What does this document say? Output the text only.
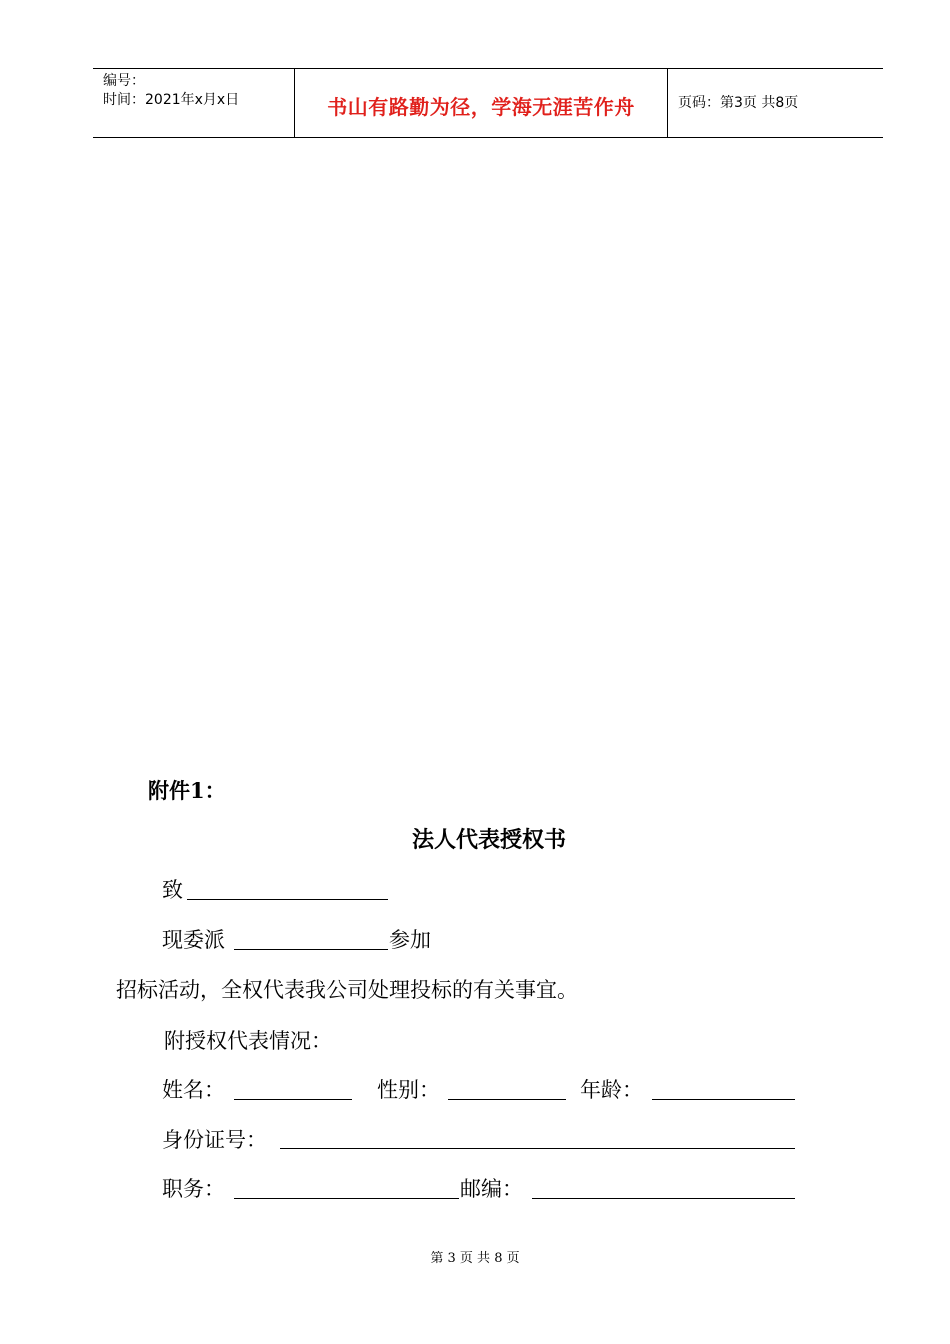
编号：
时间：2021年x月x日	书山有路勤为径，学海无涯苦作舟	页码：第3页 共8页
附件1：
法人代表授权书
致
现委派	参加
招标活动，全权代表我公司处理投标的有关事宜。
附授权代表情况：
姓名：	性别：	年龄：
身份证号：
职务：	邮编：
第 3 页 共 8 页
